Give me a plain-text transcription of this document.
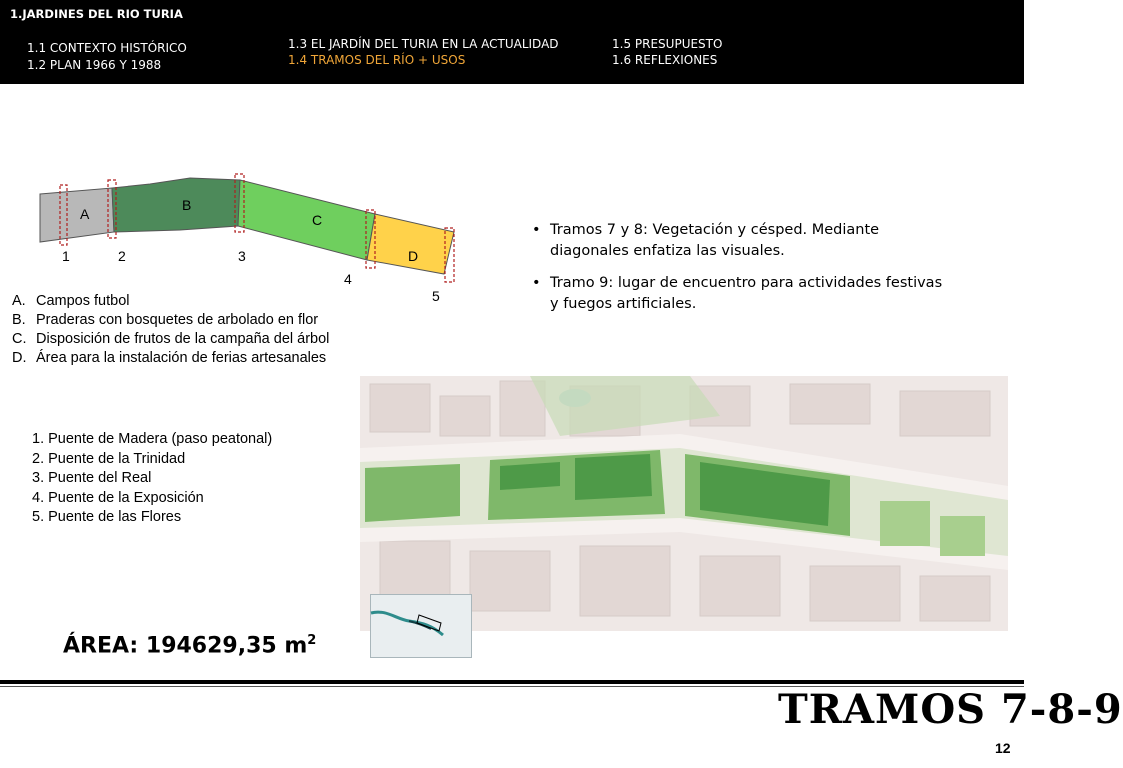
1.JARDINES DEL RIO TURIA
1.1 CONTEXTO HISTÓRICO
1.2 PLAN 1966 Y 1988
1.3 EL JARDÍN DEL TURIA EN LA ACTUALIDAD
1.4 TRAMOS DEL RÍO + USOS
1.5 PRESUPUESTO
1.6 REFLEXIONES
A
B
C
D
1	2	3
4
5
A. Campos futbol
B. Praderas con bosquetes de arbolado en flor
C. Disposición de frutos de la campaña del árbol
D. Área para la instalación de ferias artesanales
• Tramos 7 y 8: Vegetación y césped. Mediante diagonales enfatiza las visuales.
• Tramo 9: lugar de encuentro para actividades festivas y fuegos artificiales.
1. Puente de Madera (paso peatonal)
2. Puente de la Trinidad
3. Puente del Real
4. Puente de la Exposición
5. Puente de las Flores
ÁREA: 194629,35 $m^2$
TRAMOS 7-8-9
12
